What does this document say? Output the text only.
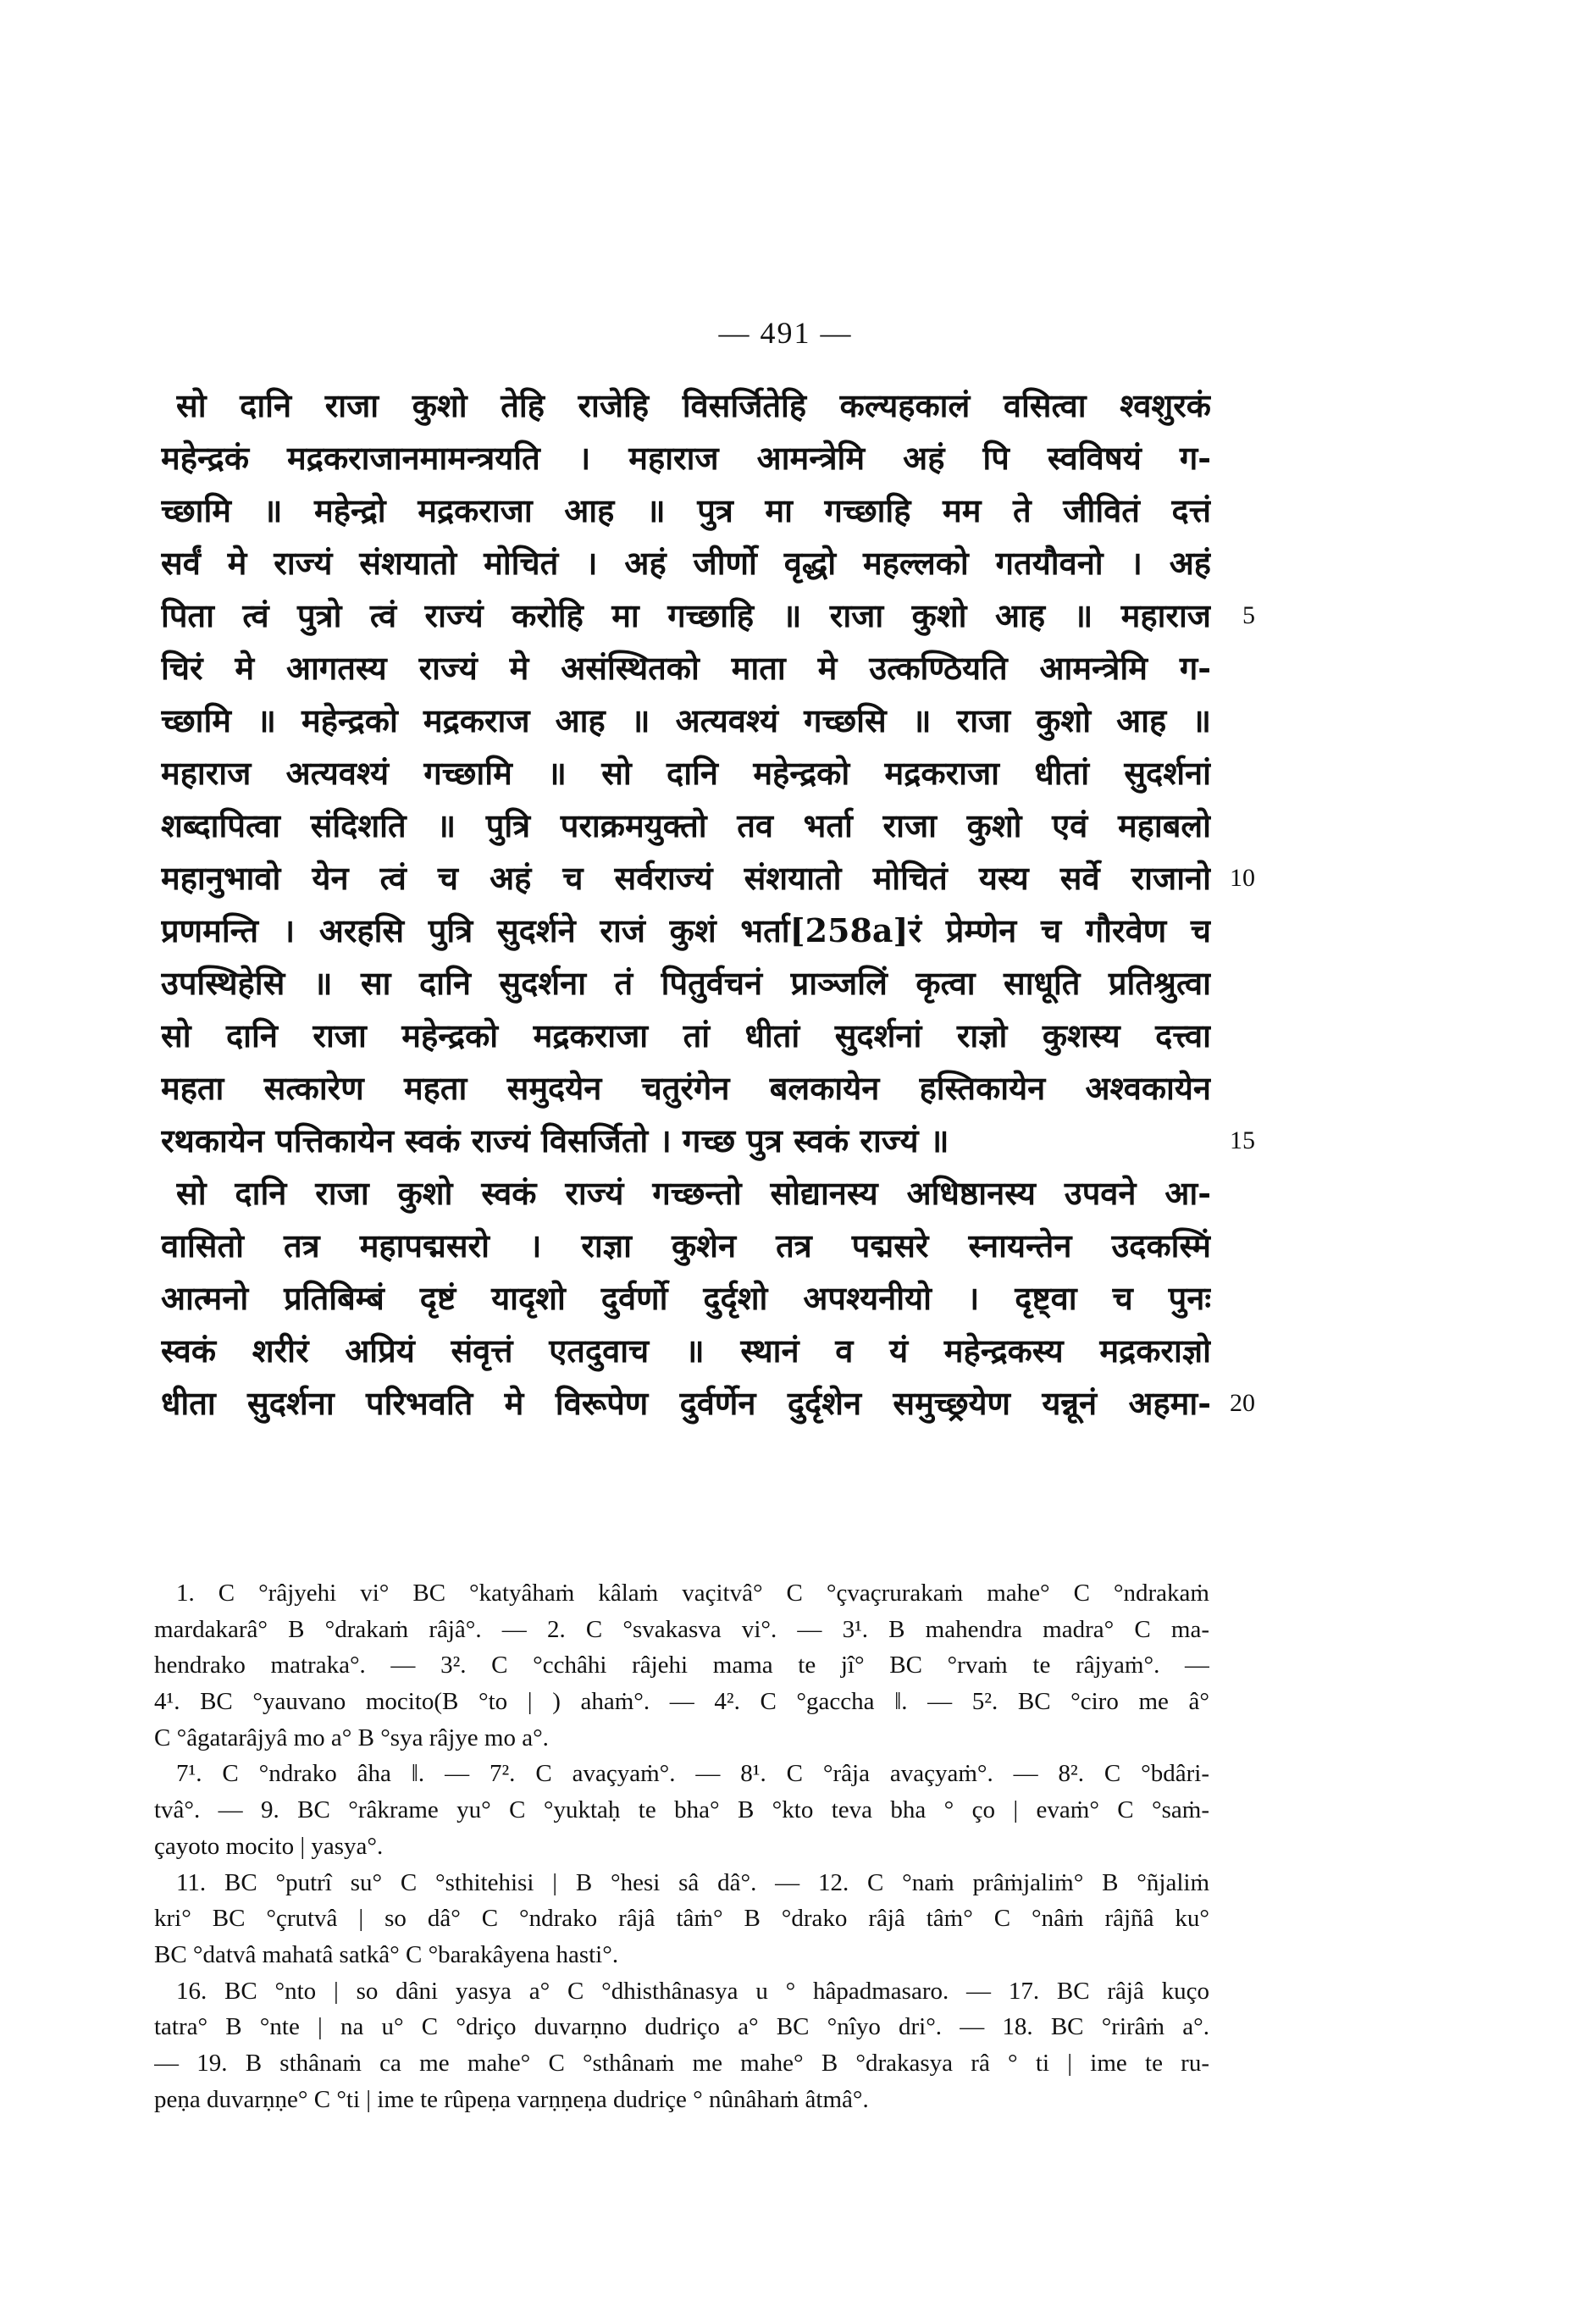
— 491 —
सो दानि राजा कुशो तेहि राजेहि विसर्जितेहि कल्यहकालं वसित्वा श्वशुरकं
महेन्द्रकं मद्रकराजानमामन्त्रयति । महाराज आमन्त्रेमि अहं पि स्वविषयं ग-
च्छामि ॥ महेन्द्रो मद्रकराजा आह ॥ पुत्र मा गच्छाहि मम ते जीवितं दत्तं
सर्वं मे राज्यं संशयातो मोचितं । अहं जीर्णो वृद्धो महल्लको गतयौवनो । अहं
पिता त्वं पुत्रो त्वं राज्यं करोहि मा गच्छाहि ॥ राजा कुशो आह ॥ महाराज 5
चिरं मे आगतस्य राज्यं मे असंस्थितको माता मे उत्कण्ठियति आमन्त्रेमि ग-
च्छामि ॥ महेन्द्रको मद्रकराज आह ॥ अत्यवश्यं गच्छसि ॥ राजा कुशो आह ॥
महाराज अत्यवश्यं गच्छामि ॥ सो दानि महेन्द्रको मद्रकराजा धीतां सुदर्शनां
शब्दापित्वा संदिशति ॥ पुत्रि पराक्रमयुक्तो तव भर्ता राजा कुशो एवं महाबलो
महानुभावो येन त्वं च अहं च सर्वराज्यं संशयातो मोचितं यस्य सर्वे राजानो 10
प्रणमन्ति । अरहसि पुत्रि सुदर्शने राजं कुशं भर्ता[258a]रं प्रेम्णेन च गौरवेण च
उपस्थिहेसि ॥ सा दानि सुदर्शना तं पितुर्वचनं प्राञ्जलिं कृत्वा साधूति प्रतिश्रुत्वा
सो दानि राजा महेन्द्रको मद्रकराजा तां धीतां सुदर्शनां राज्ञो कुशस्य दत्त्वा
महता सत्कारेण महता समुदयेन चतुरंगेन बलकायेन हस्तिकायेन अश्वकायेन
रथकायेन पत्तिकायेन स्वकं राज्यं विसर्जितो । गच्छ पुत्र स्वकं राज्यं ॥	15
सो दानि राजा कुशो स्वकं राज्यं गच्छन्तो सोद्यानस्य अधिष्ठानस्य उपवने आ-
वासितो तत्र महापद्मसरो । राज्ञा कुशेन तत्र पद्मसरे स्नायन्तेन उदकस्मिं
आत्मनो प्रतिबिम्बं दृष्टं यादृशो दुर्वर्णो दुर्दृशो अपश्यनीयो । दृष्ट्वा च पुनः
स्वकं शरीरं अप्रियं संवृत्तं एतदुवाच ॥ स्थानं व यं महेन्द्रकस्य मद्रकराज्ञो
धीता सुदर्शना परिभवति मे विरूपेण दुर्वर्णेन दुर्दृशेन समुच्छ्रयेण यन्नूनं अहमा- 20
1. C °râjyehi vi° BC °katyâhaṁ kâlaṁ vaçitvâ° C °çvaçrurakaṁ mahe° C °ndrakaṁ
mardakarâ° B °drakaṁ râjâ°. — 2. C °svakasva vi°. — 3¹. B mahendra madra° C ma-
hendrako matraka°. — 3². C °cchâhi râjehi mama te jî° BC °rvaṁ te râjyaṁ°. —
4¹. BC °yauvano mocito(B °to | ) ahaṁ°. — 4². C °gaccha ‖. — 5². BC °ciro me â°
C °âgatarâjyâ mo a° B °sya râjye mo a°.
7¹. C °ndrako âha ‖. — 7². C avaçyaṁ°. — 8¹. C °râja avaçyaṁ°. — 8². C °bdâri-
tvâ°. — 9. BC °râkrame yu° C °yuktaḥ te bha° B °kto teva bha ° ço | evaṁ° C °saṁ-
çayoto mocito | yasya°.
11. BC °putrî su° C °sthitehisi | B °hesi sâ dâ°. — 12. C °naṁ prâṁjaliṁ° B °ñjaliṁ
kri° BC °çrutvâ | so dâ° C °ndrako râjâ tâṁ° B °drako râjâ tâṁ° C °nâṁ râjñâ ku°
BC °datvâ mahatâ satkâ° C °barakâyena hasti°.
16. BC °nto | so dâni yasya a° C °dhisthânasya u ° hâpadmasaro. — 17. BC râjâ kuço
tatra° B °nte | na u° C °driço duvarṇno dudriço a° BC °nîyo dri°. — 18. BC °rirâṁ a°.
— 19. B sthânaṁ ca me mahe° C °sthânaṁ me mahe° B °drakasya râ ° ti | ime te ru-
peṇa duvarṇṇe° C °ti | ime te rûpeṇa varṇṇeṇa dudriçe ° nûnâhaṁ âtmâ°.
